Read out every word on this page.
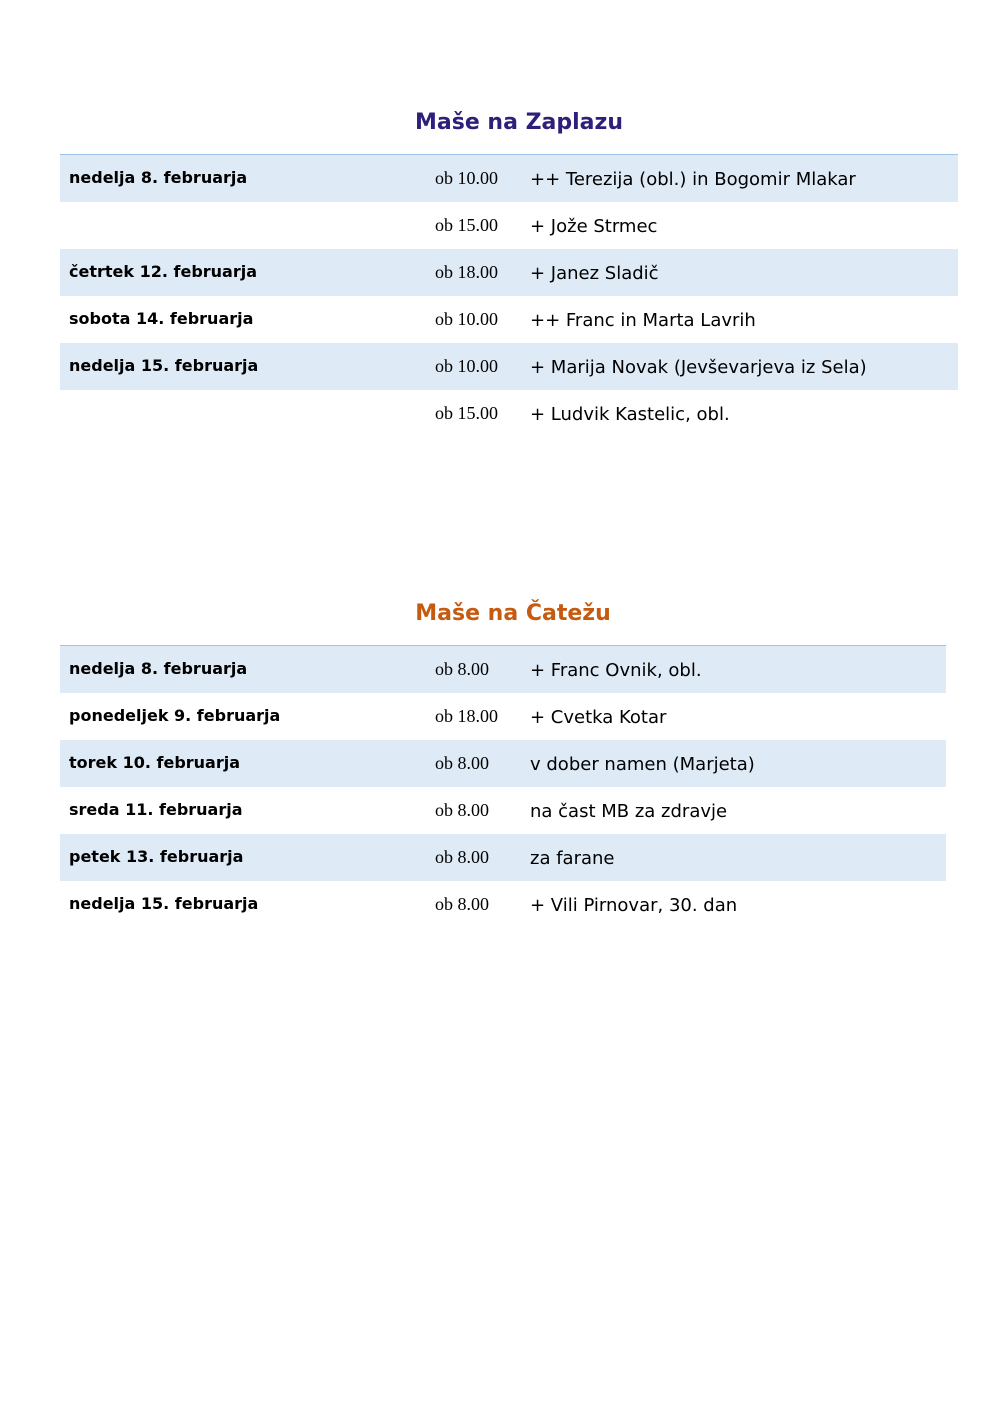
Maše na Zaplazu
nedelja 8. februarja	ob 10.00 ++ Terezija (obl.) in Bogomir Mlakar
ob 15.00 + Jože Strmec
četrtek 12. februarja	ob 18.00 + Janez Sladič
sobota 14. februarja	ob 10.00 ++ Franc in Marta Lavrih
nedelja 15. februarja	ob 10.00 + Marija Novak (Jevševarjeva iz Sela)
ob 15.00 + Ludvik Kastelic, obl.
Maše na Čatežu
nedelja 8. februarja	ob 8.00 + Franc Ovnik, obl.
ponedeljek 9. februarja	ob 18.00 + Cvetka Kotar
torek 10. februarja	ob 8.00 v dober namen (Marjeta)
sreda 11. februarja	ob 8.00 na čast MB za zdravje
petek 13. februarja	ob 8.00 za farane
nedelja 15. februarja	ob 8.00 + Vili Pirnovar, 30. dan
